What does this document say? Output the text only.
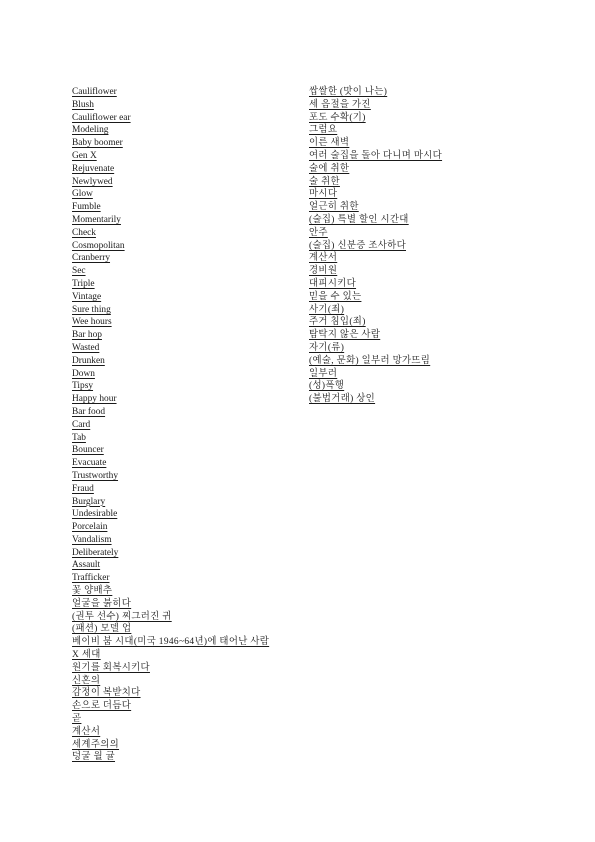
Cauliflower
Blush
Cauliflower ear
Modeling
Baby boomer
Gen X
Rejuvenate
Newlywed
Glow
Fumble
Momentarily
Check
Cosmopolitan
Cranberry
Sec
Triple
Vintage
Sure thing
Wee hours
Bar hop
Wasted
Drunken
Down
Tipsy
Happy hour
Bar food
Card
Tab
Bouncer
Evacuate
Trustworthy
Fraud
Burglary
Undesirable
Porcelain
Vandalism
Deliberately
Assault
Trafficker
꽃 양배추
얼굴을 붉히다
(권투 선수) 찌그러진 귀
(패션) 모델 업
베이비 붐 시대(미국 1946~64년)에 태어난 사람
X 세대
원기를 회복시키다
신혼의
감정이 복받치다
손으로 더듬다
곧
계산서
세계주의의
덩굴 월 귤
쌉쌀한 (맛이 나는)
세 음절을 가진
포도 수확(기)
그럼요
이른 새벽
여러 술집을 돌아 다니며 마시다
술에 취한
술 취한
마시다
얼근히 취한
(술집) 특별 할인 시간대
안주
(술집) 신분증 조사하다
계산서
경비원
대피시키다
믿을 수 있는
사기(죄)
주거 침입(죄)
탐탁지 않은 사람
자기(류)
(예술, 문화) 일부러 망가뜨림
일부러
(성)폭행
(불법거래) 상인
